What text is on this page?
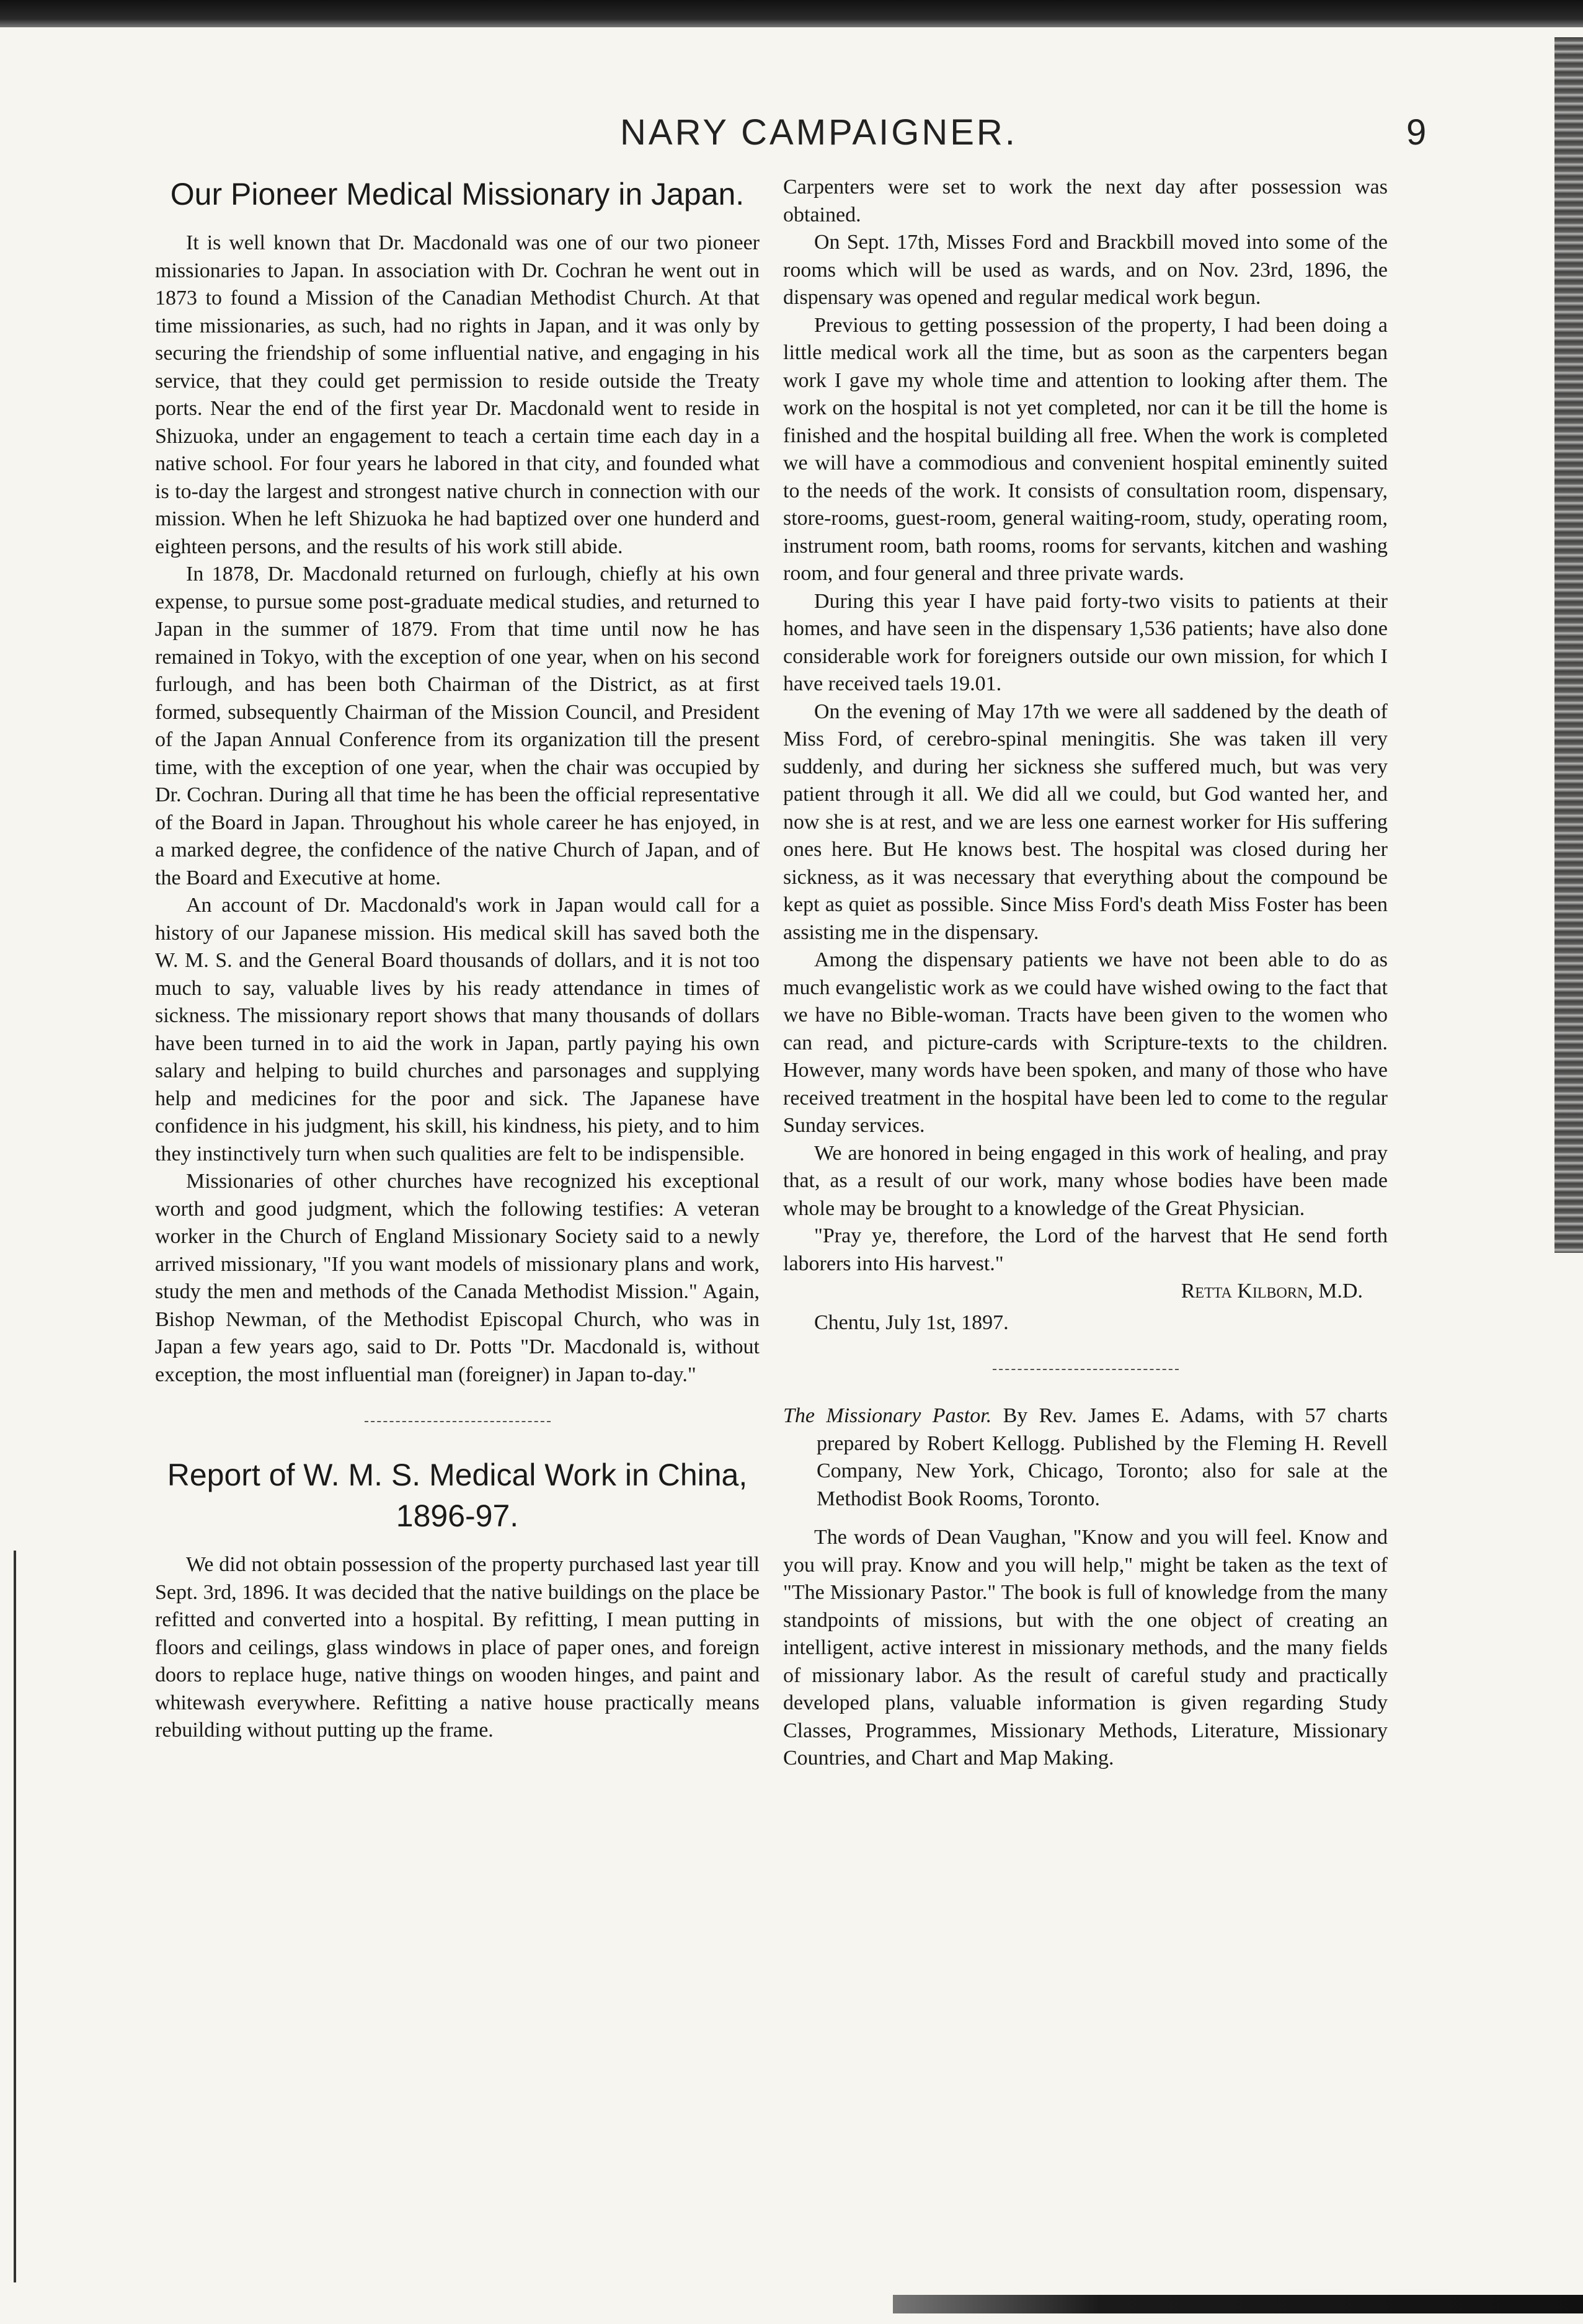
NARY CAMPAIGNER.	9
Our Pioneer Medical Missionary in Japan.

It is well known that Dr. Macdonald was one of our two pioneer missionaries to Japan. In association with Dr. Cochran he went out in 1873 to found a Mission of the Canadian Methodist Church. At that time missionaries, as such, had no rights in Japan, and it was only by securing the friendship of some influential native, and engaging in his service, that they could get permission to reside outside the Treaty ports. Near the end of the first year Dr. Macdonald went to reside in Shizuoka, under an engagement to teach a certain time each day in a native school. For four years he labored in that city, and founded what is to-day the largest and strongest native church in connection with our mission. When he left Shizuoka he had baptized over one hunderd and eighteen persons, and the results of his work still abide.

In 1878, Dr. Macdonald returned on furlough, chiefly at his own expense, to pursue some post-graduate medical studies, and returned to Japan in the summer of 1879. From that time until now he has remained in Tokyo, with the exception of one year, when on his second furlough, and has been both Chairman of the District, as at first formed, subsequently Chairman of the Mission Council, and President of the Japan Annual Conference from its organization till the present time, with the exception of one year, when the chair was occupied by Dr. Cochran. During all that time he has been the official representative of the Board in Japan. Throughout his whole career he has enjoyed, in a marked degree, the confidence of the native Church of Japan, and of the Board and Executive at home.

An account of Dr. Macdonald's work in Japan would call for a history of our Japanese mission. His medical skill has saved both the W. M. S. and the General Board thousands of dollars, and it is not too much to say, valuable lives by his ready attendance in times of sickness. The missionary report shows that many thousands of dollars have been turned in to aid the work in Japan, partly paying his own salary and helping to build churches and parsonages and supplying help and medicines for the poor and sick. The Japanese have confidence in his judgment, his skill, his kindness, his piety, and to him they instinctively turn when such qualities are felt to be indispensible.

Missionaries of other churches have recognized his exceptional worth and good judgment, which the following testifies: A veteran worker in the Church of England Missionary Society said to a newly arrived missionary, "If you want models of missionary plans and work, study the men and methods of the Canada Methodist Mission." Again, Bishop Newman, of the Methodist Episcopal Church, who was in Japan a few years ago, said to Dr. Potts "Dr. Macdonald is, without exception, the most influential man (foreigner) in Japan to-day."

Report of W. M. S. Medical Work in China, 1896-97.

We did not obtain possession of the property purchased last year till Sept. 3rd, 1896. It was decided that the native buildings on the place be refitted and converted into a hospital. By refitting, I mean putting in floors and ceilings, glass windows in place of paper ones, and foreign doors to replace huge, native things on wooden hinges, and paint and whitewash everywhere. Refitting a native house practically means rebuilding without putting up the frame.

Carpenters were set to work the next day after possession was obtained.

On Sept. 17th, Misses Ford and Brackbill moved into some of the rooms which will be used as wards, and on Nov. 23rd, 1896, the dispensary was opened and regular medical work begun.

Previous to getting possession of the property, I had been doing a little medical work all the time, but as soon as the carpenters began work I gave my whole time and attention to looking after them. The work on the hospital is not yet completed, nor can it be till the home is finished and the hospital building all free. When the work is completed we will have a commodious and convenient hospital eminently suited to the needs of the work. It consists of consultation room, dispensary, store-rooms, guest-room, general waiting-room, study, operating room, instrument room, bath rooms, rooms for servants, kitchen and washing room, and four general and three private wards.

During this year I have paid forty-two visits to patients at their homes, and have seen in the dispensary 1,536 patients; have also done considerable work for foreigners outside our own mission, for which I have received taels 19.01.

On the evening of May 17th we were all saddened by the death of Miss Ford, of cerebro-spinal meningitis. She was taken ill very suddenly, and during her sickness she suffered much, but was very patient through it all. We did all we could, but God wanted her, and now she is at rest, and we are less one earnest worker for His suffering ones here. But He knows best. The hospital was closed during her sickness, as it was necessary that everything about the compound be kept as quiet as possible. Since Miss Ford's death Miss Foster has been assisting me in the dispensary.

Among the dispensary patients we have not been able to do as much evangelistic work as we could have wished owing to the fact that we have no Bible-woman. Tracts have been given to the women who can read, and picture-cards with Scripture-texts to the children. However, many words have been spoken, and many of those who have received treatment in the hospital have been led to come to the regular Sunday services.

We are honored in being engaged in this work of healing, and pray that, as a result of our work, many whose bodies have been made whole may be brought to a knowledge of the Great Physician.

"Pray ye, therefore, the Lord of the harvest that He send forth laborers into His harvest."

Retta Kilborn, M.D.

Chentu, July 1st, 1897.

The Missionary Pastor. By Rev. James E. Adams, with 57 charts prepared by Robert Kellogg. Published by the Fleming H. Revell Company, New York, Chicago, Toronto; also for sale at the Methodist Book Rooms, Toronto.

The words of Dean Vaughan, "Know and you will feel. Know and you will pray. Know and you will help," might be taken as the text of "The Missionary Pastor." The book is full of knowledge from the many standpoints of missions, but with the one object of creating an intelligent, active interest in missionary methods, and the many fields of missionary labor. As the result of careful study and practically developed plans, valuable information is given regarding Study Classes, Programmes, Missionary Methods, Literature, Missionary Countries, and Chart and Map Making.
